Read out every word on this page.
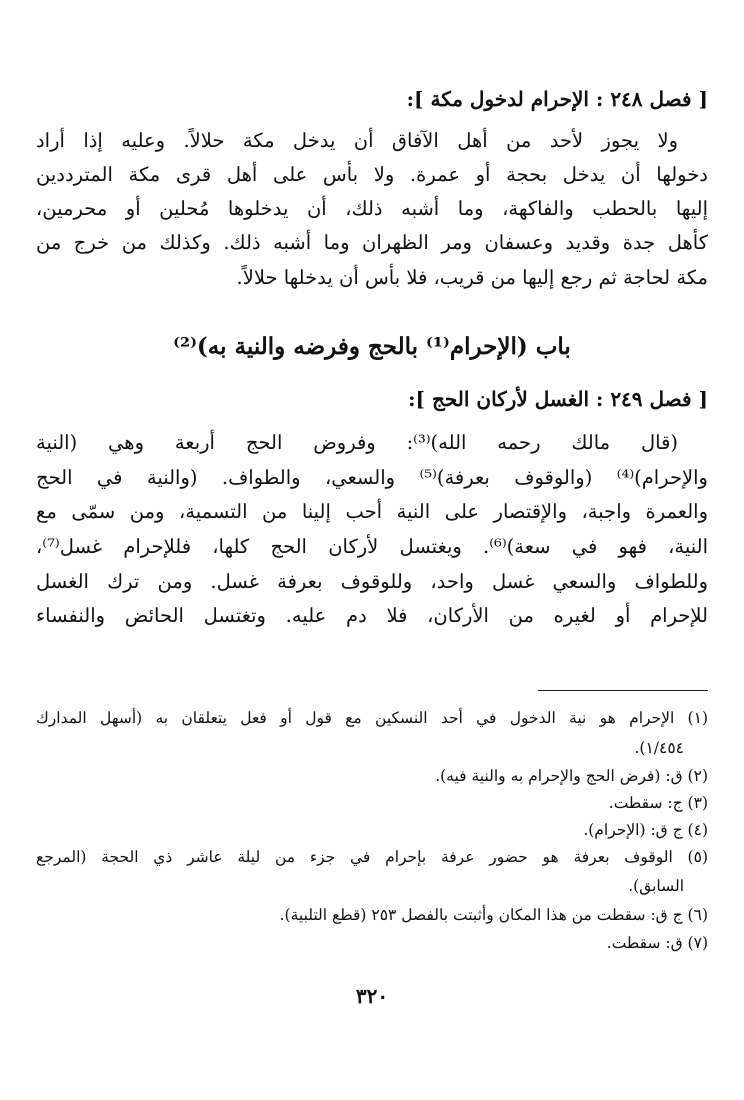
[ فصل ٢٤٨ : الإحرام لدخول مكة ]:
ولا يجوز لأحد من أهل الآفاق أن يدخل مكة حلالاً. وعليه إذا أراد
دخولها أن يدخل بحجة أو عمرة. ولا بأس على أهل قرى مكة المترددين
إليها بالحطب والفاكهة، وما أشبه ذلك، أن يدخلوها مُحلين أو محرمين،
كأهل جدة وقديد وعسفان ومر الظهران وما أشبه ذلك. وكذلك من خرج من
مكة لحاجة ثم رجع إليها من قريب، فلا بأس أن يدخلها حلالاً.
باب (الإحرام⁽¹⁾ بالحج وفرضه والنية به)⁽²⁾
[ فصل ٢٤٩ : الغسل لأركان الحج ]:
(قال مالك رحمه الله)⁽³⁾: وفروض الحج أربعة وهي (النية
والإحرام)⁽⁴⁾ (والوقوف بعرفة)⁽⁵⁾ والسعي، والطواف. (والنية في الحج
والعمرة واجبة، والإقتصار على النية أحب إلينا من التسمية، ومن سمّى مع
النية، فهو في سعة)⁽⁶⁾. ويغتسل لأركان الحج كلها، فللإحرام غسل⁽⁷⁾،
وللطواف والسعي غسل واحد، وللوقوف بعرفة غسل. ومن ترك الغسل
للإحرام أو لغيره من الأركان، فلا دم عليه. وتغتسل الحائض والنفساء
(١) الإحرام هو نية الدخول في أحد النسكين مع قول أو فعل يتعلقان به (أسهل المدارك
١/٤٥٤).
(٢) ق: (فرض الحج والإحرام به والنية فيه).
(٣) ج: سقطت.
(٤) ج ق: (الإحرام).
(٥) الوقوف بعرفة هو حضور عرفة بإحرام في جزء من ليلة عاشر ذي الحجة (المرجع
السابق).
(٦) ج ق: سقطت من هذا المكان وأثبتت بالفصل ٢٥٣ (قطع التلبية).
(٧) ق: سقطت.
٣٢٠
